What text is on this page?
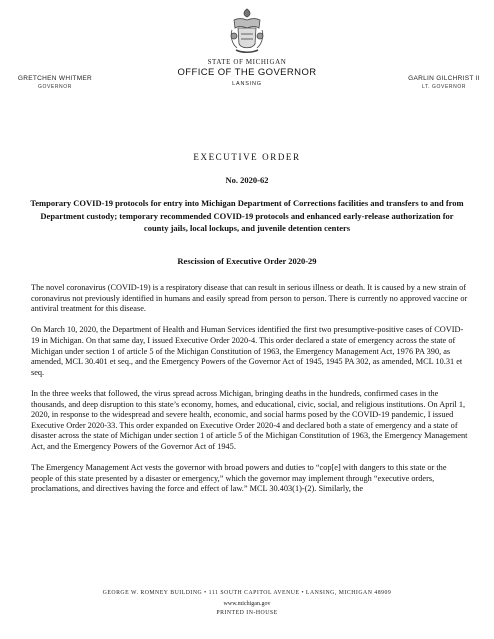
STATE OF MICHIGAN
OFFICE OF THE GOVERNOR
LANSING
GRETCHEN WHITMER
GOVERNOR
GARLIN GILCHRIST II
LT. GOVERNOR
EXECUTIVE ORDER
No. 2020-62
Temporary COVID-19 protocols for entry into Michigan Department of Corrections facilities and transfers to and from Department custody; temporary recommended COVID-19 protocols and enhanced early-release authorization for county jails, local lockups, and juvenile detention centers
Rescission of Executive Order 2020-29

The novel coronavirus (COVID-19) is a respiratory disease that can result in serious illness or death. It is caused by a new strain of coronavirus not previously identified in humans and easily spread from person to person. There is currently no approved vaccine or antiviral treatment for this disease.

On March 10, 2020, the Department of Health and Human Services identified the first two presumptive-positive cases of COVID-19 in Michigan. On that same day, I issued Executive Order 2020-4. This order declared a state of emergency across the state of Michigan under section 1 of article 5 of the Michigan Constitution of 1963, the Emergency Management Act, 1976 PA 390, as amended, MCL 30.401 et seq., and the Emergency Powers of the Governor Act of 1945, 1945 PA 302, as amended, MCL 10.31 et seq.

In the three weeks that followed, the virus spread across Michigan, bringing deaths in the hundreds, confirmed cases in the thousands, and deep disruption to this state’s economy, homes, and educational, civic, social, and religious institutions. On April 1, 2020, in response to the widespread and severe health, economic, and social harms posed by the COVID-19 pandemic, I issued Executive Order 2020-33. This order expanded on Executive Order 2020-4 and declared both a state of emergency and a state of disaster across the state of Michigan under section 1 of article 5 of the Michigan Constitution of 1963, the Emergency Management Act, and the Emergency Powers of the Governor Act of 1945.

The Emergency Management Act vests the governor with broad powers and duties to “cop[e] with dangers to this state or the people of this state presented by a disaster or emergency,” which the governor may implement through “executive orders, proclamations, and directives having the force and effect of law.” MCL 30.403(1)-(2). Similarly, the

GEORGE W. ROMNEY BUILDING • 111 SOUTH CAPITOL AVENUE • LANSING, MICHIGAN 48909
www.michigan.gov
PRINTED IN-HOUSE
